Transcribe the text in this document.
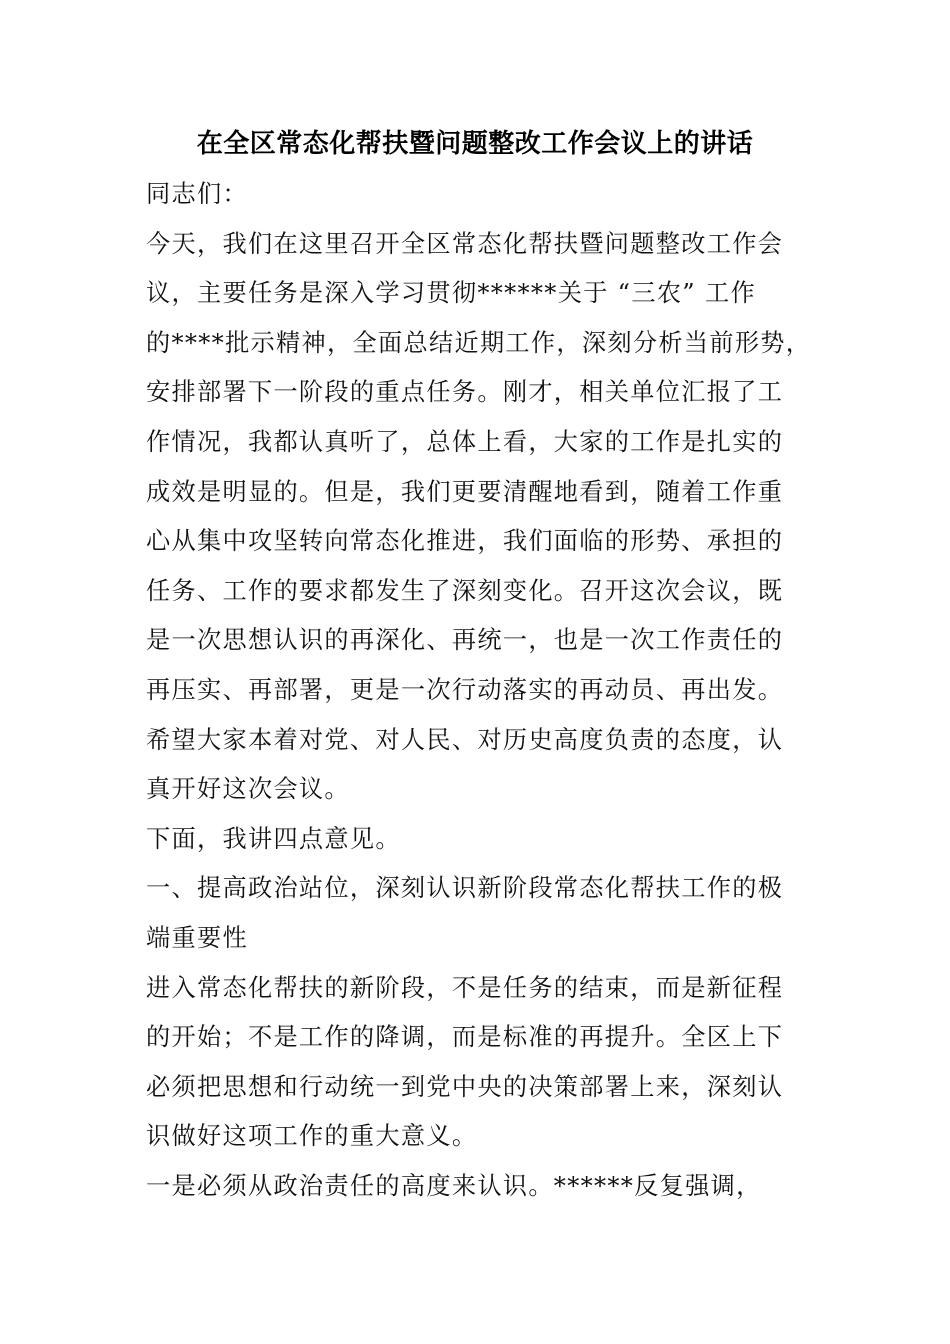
在全区常态化帮扶暨问题整改工作会议上的讲话
同志们：
今天，我们在这里召开全区常态化帮扶暨问题整改工作会
议，主要任务是深入学习贯彻******关于 “三农” 工作
的****批示精神，全面总结近期工作，深刻分析当前形势，
安排部署下一阶段的重点任务。刚才，相关单位汇报了工
作情况，我都认真听了，总体上看，大家的工作是扎实的
成效是明显的。但是，我们更要清醒地看到，随着工作重
心从集中攻坚转向常态化推进，我们面临的形势、承担的
任务、工作的要求都发生了深刻变化。召开这次会议，既
是一次思想认识的再深化、再统一，也是一次工作责任的
再压实、再部署，更是一次行动落实的再动员、再出发。
希望大家本着对党、对人民、对历史高度负责的态度，认
真开好这次会议。
下面，我讲四点意见。
一、提高政治站位，深刻认识新阶段常态化帮扶工作的极
端重要性
进入常态化帮扶的新阶段，不是任务的结束，而是新征程
的开始；不是工作的降调，而是标准的再提升。全区上下
必须把思想和行动统一到党中央的决策部署上来，深刻认
识做好这项工作的重大意义。
一是必须从政治责任的高度来认识。******反复强调，
